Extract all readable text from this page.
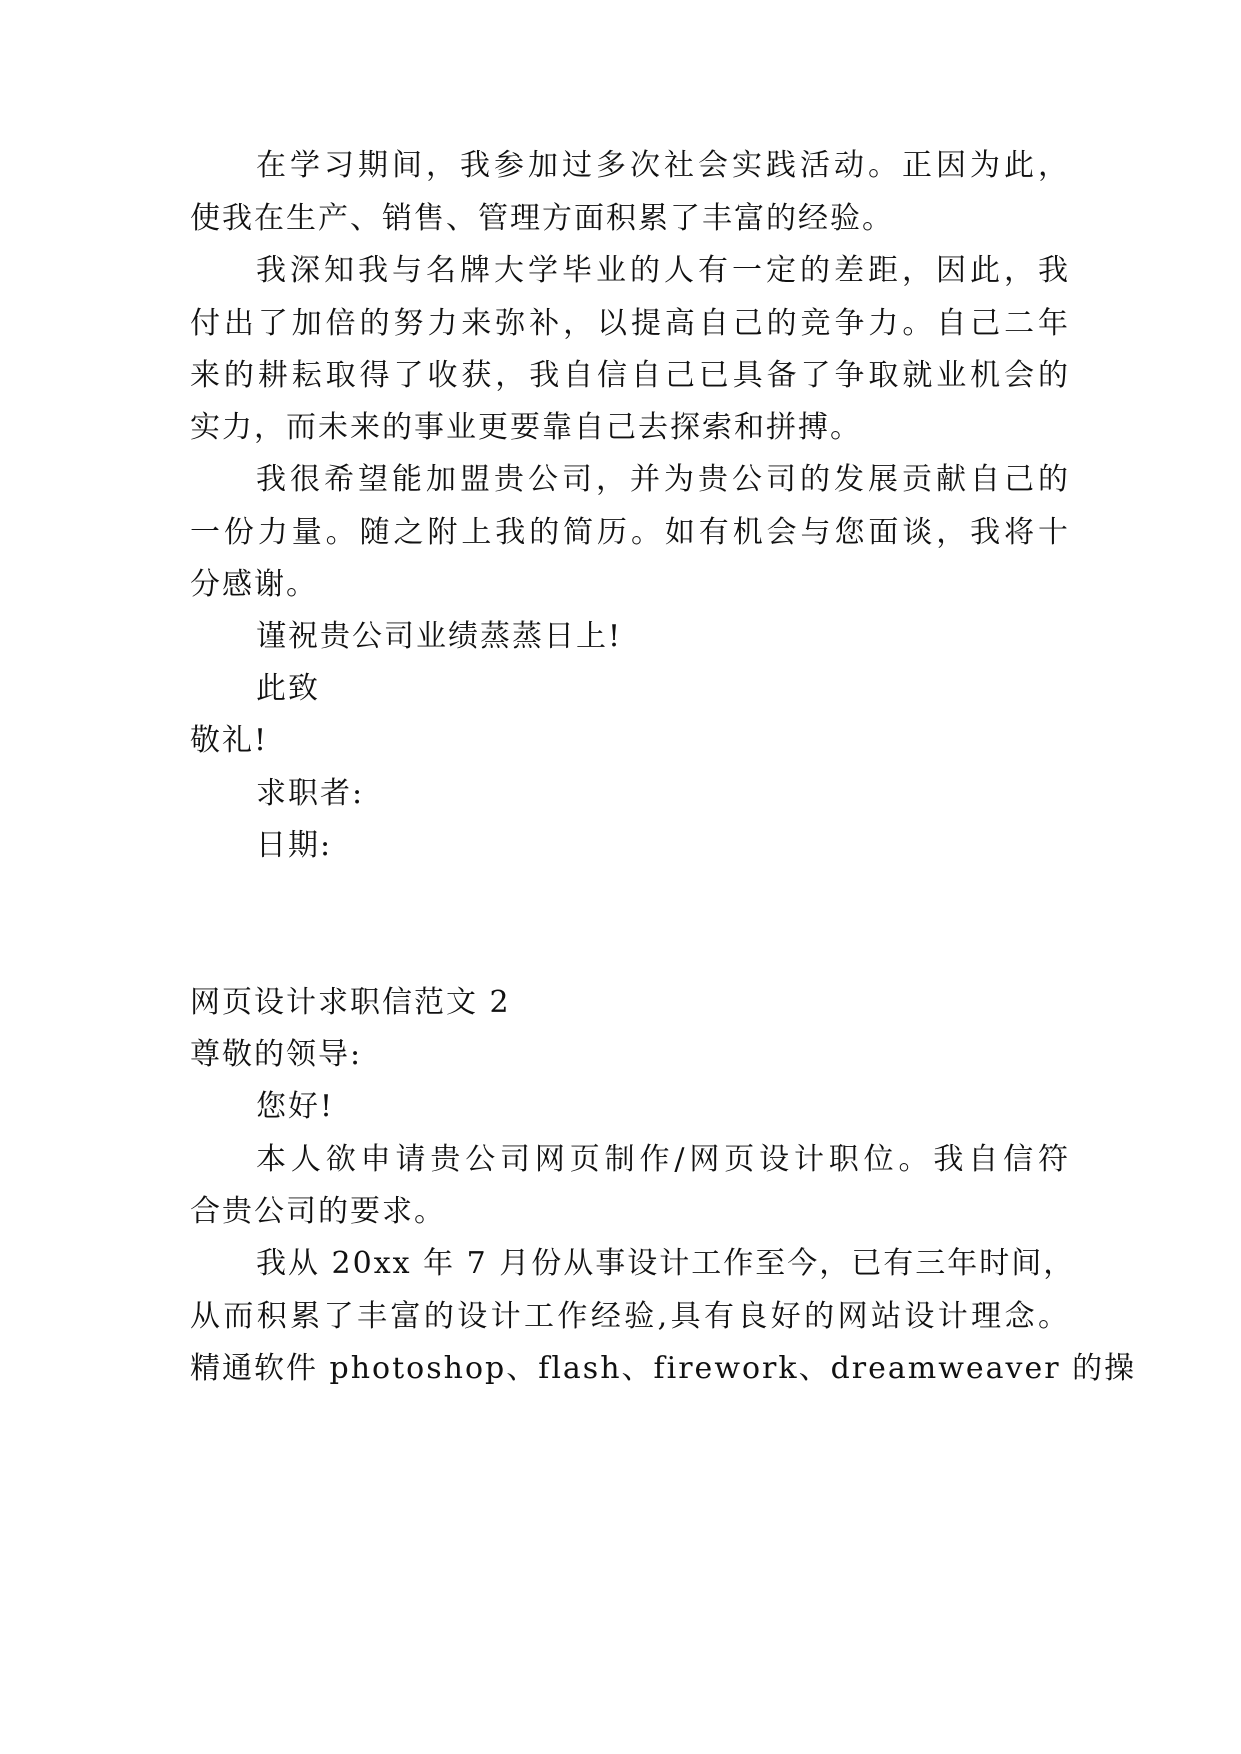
在学习期间，我参加过多次社会实践活动。正因为此，
使我在生产、销售、管理方面积累了丰富的经验。
我深知我与名牌大学毕业的人有一定的差距，因此，我
付出了加倍的努力来弥补，以提高自己的竞争力。自己二年
来的耕耘取得了收获，我自信自己已具备了争取就业机会的
实力，而未来的事业更要靠自己去探索和拼搏。
我很希望能加盟贵公司，并为贵公司的发展贡献自己的
一份力量。随之附上我的简历。如有机会与您面谈，我将十
分感谢。
谨祝贵公司业绩蒸蒸日上!
此致
敬礼!
求职者:
日期:
网页设计求职信范文 2
尊敬的领导:
您好!
本人欲申请贵公司网页制作/网页设计职位。我自信符
合贵公司的要求。
我从 20xx 年 7 月份从事设计工作至今，已有三年时间，
从而积累了丰富的设计工作经验,具有良好的网站设计理念。
精通软件 photoshop、flash、firework、dreamweaver 的操
